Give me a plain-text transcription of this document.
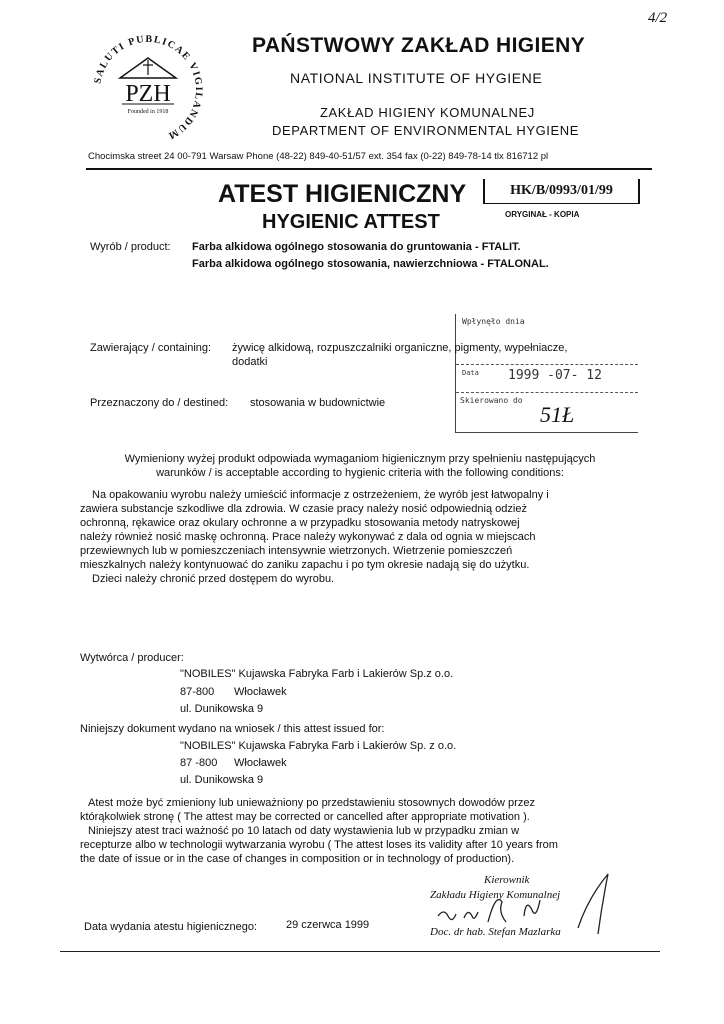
4/2
SALUTI PUBLICAE VIGILANDUM
PZH
Founded in 1918
PAŃSTWOWY ZAKŁAD HIGIENY
NATIONAL INSTITUTE OF HYGIENE
ZAKŁAD HIGIENY KOMUNALNEJ
DEPARTMENT OF ENVIRONMENTAL HYGIENE
Chocimska street 24 00-791 Warsaw Phone (48-22) 849-40-51/57 ext. 354 fax (0-22) 849-78-14 tlx 816712 pl
ATEST HIGIENICZNY
HYGIENIC ATTEST
HK/B/0993/01/99
ORYGINAŁ - KOPIA
Wyrób / product: Farba alkidowa ogólnego stosowania do gruntowania - FTALIT.
Farba alkidowa ogólnego stosowania, nawierzchniowa - FTALONAL.
Wpłynęło dnia
Data 1999 -07- 12
Skierowano do
51Ł
Zawierający / containing: żywicę alkidową, rozpuszczalniki organiczne, pigmenty, wypełniacze,
dodatki
Przeznaczony do / destined: stosowania w budownictwie
Wymieniony wyżej produkt odpowiada wymaganiom higienicznym przy spełnieniu następujących
warunków / is acceptable according to hygienic criteria with the following conditions:
Na opakowaniu wyrobu należy umieścić informacje z ostrzeżeniem, że wyrób jest łatwopalny i
zawiera substancje szkodliwe dla zdrowia. W czasie pracy należy nosić odpowiednią odzież
ochronną, rękawice oraz okulary ochronne a w przypadku stosowania metody natryskowej
należy również nosić maskę ochronną. Prace należy wykonywać z dala od ognia w miejscach
przewiewnych lub w pomieszczeniach intensywnie wietrzonych. Wietrzenie pomieszczeń
mieszkalnych należy kontynuować do zaniku zapachu i po tym okresie nadają się do użytku.
Dzieci należy chronić przed dostępem do wyrobu.
Wytwórca / producer:
"NOBILES" Kujawska Fabryka Farb i Lakierów Sp.z o.o.
87-800 Włocławek
ul. Dunikowska 9
Niniejszy dokument wydano na wniosek / this attest issued for:
"NOBILES" Kujawska Fabryka Farb i Lakierów Sp. z o.o.
87 -800 Włocławek
ul. Dunikowska 9
Atest może być zmieniony lub unieważniony po przedstawieniu stosownych dowodów przez
którąkolwiek stronę ( The attest may be corrected or cancelled after appropriate motivation ).
Niniejszy atest traci ważność po 10 latach od daty wystawienia lub w przypadku zmian w
recepturze albo w technologii wytwarzania wyrobu ( The attest loses its validity after 10 years from
the date of issue or in the case of changes in composition or in technology of production).
Kierownik
Zakładu Higieny Komunalnej
Doc. dr hab. Stefan Mazlarka
Data wydania atestu higienicznego:	29 czerwca 1999
